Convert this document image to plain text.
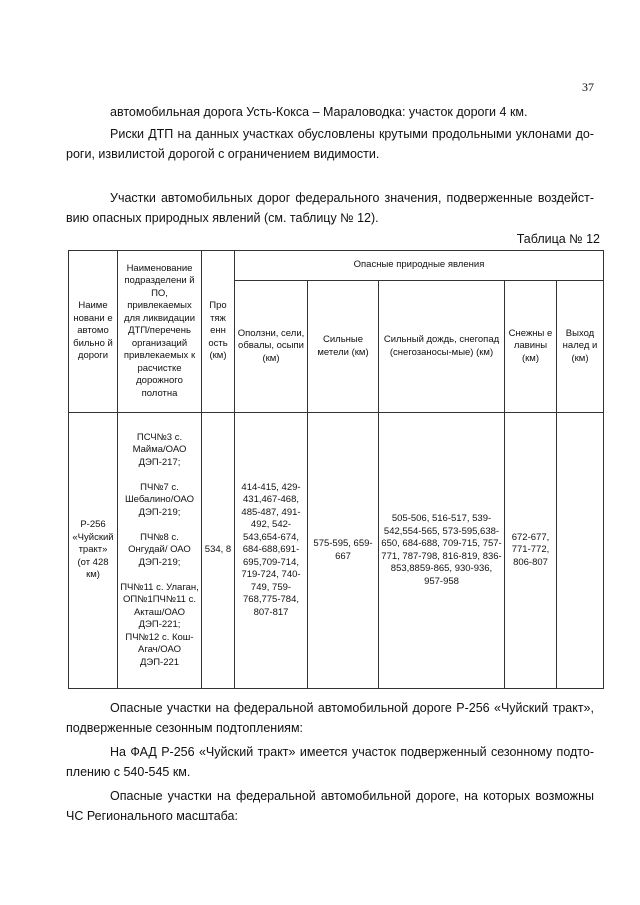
37

автомобильная дорога Усть-Кокса – Мараловодка: участок дороги 4 км.

Риски ДТП на данных участках обусловлены крутыми продольными уклонами до-роги, извилистой дорогой с ограничением видимости.

Участки автомобильных дорог федерального значения, подверженные воздейст-вию опасных природных явлений (см. таблицу № 12).

Таблица № 12
Наиме новани е автомо бильно й дороги	Наименование подразделени й ПО, привлекаемых для ликвидации ДТП/перечень организаций привлекаемых к расчистке дорожного полотна	Про тяж енн ость (км)	Опасные природные явления				
			Оползни, сели, обвалы, осыпи (км)	Сильные метели (км)	Сильный дождь, снегопад (снегозаносы-мые) (км)	Снежны е лавины (км)	Выход налед и (км)
Р-256 «Чуйский тракт» (от 428 км)	ПСЧ№3 с. Майма/ОАО ДЭП-217;

ПЧ№7 с. Шебалино/ОАО ДЭП-219;

ПЧ№8 с. Онгудай/ ОАО ДЭП-219;

ПЧ№11 с. Улаган, ОП№1ПЧ№11 с. Акташ/ОАО ДЭП-221;
ПЧ№12 с. Кош-Агач/ОАО ДЭП-221	534, 8	414-415, 429-431,467-468, 485-487, 491-492, 542-543,654-674, 684-688,691-695,709-714, 719-724, 740-749, 759-768,775-784, 807-817	575-595, 659-667	505-506, 516-517, 539-542,554-565, 573-595,638-650, 684-688, 709-715, 757-771, 787-798, 816-819, 836-853,8859-865, 930-936, 957-958	672-677, 771-772, 806-807	

Опасные участки на федеральной автомобильной дороге Р-256 «Чуйский тракт», подверженные сезонным подтоплениям:

На ФАД Р-256 «Чуйский тракт» имеется участок подверженный сезонному подто-плению с 540-545 км.

Опасные участки на федеральной автомобильной дороге, на которых возможны ЧС Регионального масштаба:
